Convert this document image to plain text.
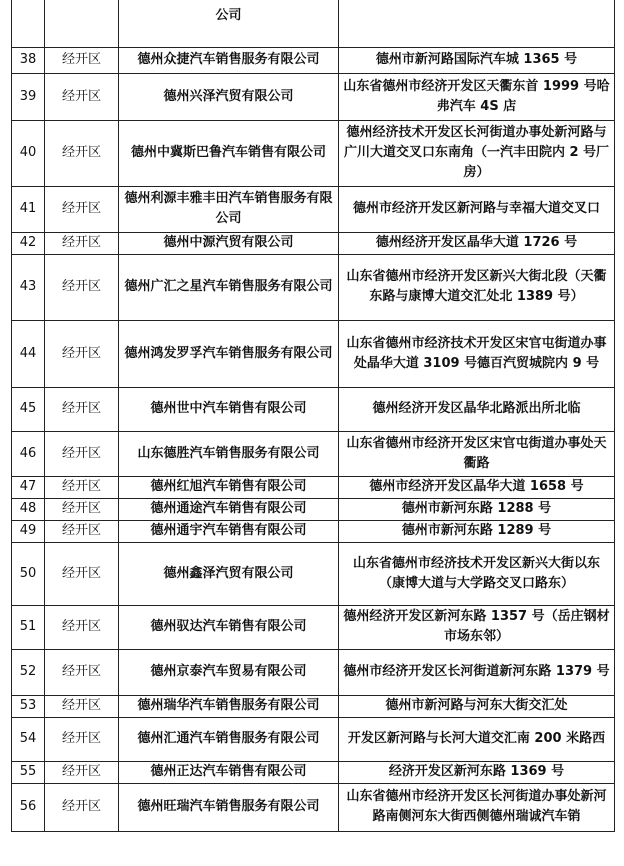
		公司	
38	经开区	德州众捷汽车销售服务有限公司	德州市新河路国际汽车城 1365 号
39	经开区	德州兴泽汽贸有限公司	山东省德州市经济开发区天衢东首 1999 号哈弗汽车 4S 店
40	经开区	德州中冀斯巴鲁汽车销售有限公司	德州经济技术开发区长河街道办事处新河路与广川大道交叉口东南角（一汽丰田院内 2 号厂房）
41	经开区	德州利源丰雅丰田汽车销售服务有限公司	德州市经济开发区新河路与幸福大道交叉口
42	经开区	德州中源汽贸有限公司	德州经济开发区晶华大道 1726 号
43	经开区	德州广汇之星汽车销售服务有限公司	山东省德州市经济开发区新兴大街北段（天衢东路与康博大道交汇处北 1389 号）
44	经开区	德州鸿发罗孚汽车销售服务有限公司	山东省德州市经济技术开发区宋官屯街道办事处晶华大道 3109 号德百汽贸城院内 9 号
45	经开区	德州世中汽车销售有限公司	德州经济开发区晶华北路派出所北临
46	经开区	山东德胜汽车销售服务有限公司	山东省德州市经济开发区宋官屯街道办事处天衢路
47	经开区	德州红旭汽车销售有限公司	德州市经济开发区晶华大道 1658 号
48	经开区	德州通途汽车销售有限公司	德州市新河东路 1288 号
49	经开区	德州通宇汽车销售有限公司	德州市新河东路 1289 号
50	经开区	德州鑫泽汽贸有限公司	山东省德州市经济技术开发区新兴大街以东（康博大道与大学路交叉口路东）
51	经开区	德州驭达汽车销售有限公司	德州经济开发区新河东路 1357 号（岳庄钢材市场东邻）
52	经开区	德州京泰汽车贸易有限公司	德州市经济开发区长河街道新河东路 1379 号
53	经开区	德州瑞华汽车销售服务有限公司	德州市新河路与河东大街交汇处
54	经开区	德州汇通汽车销售服务有限公司	开发区新河路与长河大道交汇南 200 米路西
55	经开区	德州正达汽车销售有限公司	经济开发区新河东路 1369 号
56	经开区	德州旺瑞汽车销售服务有限公司	山东省德州市经济开发区长河街道办事处新河路南侧河东大街西侧德州瑞诚汽车销
